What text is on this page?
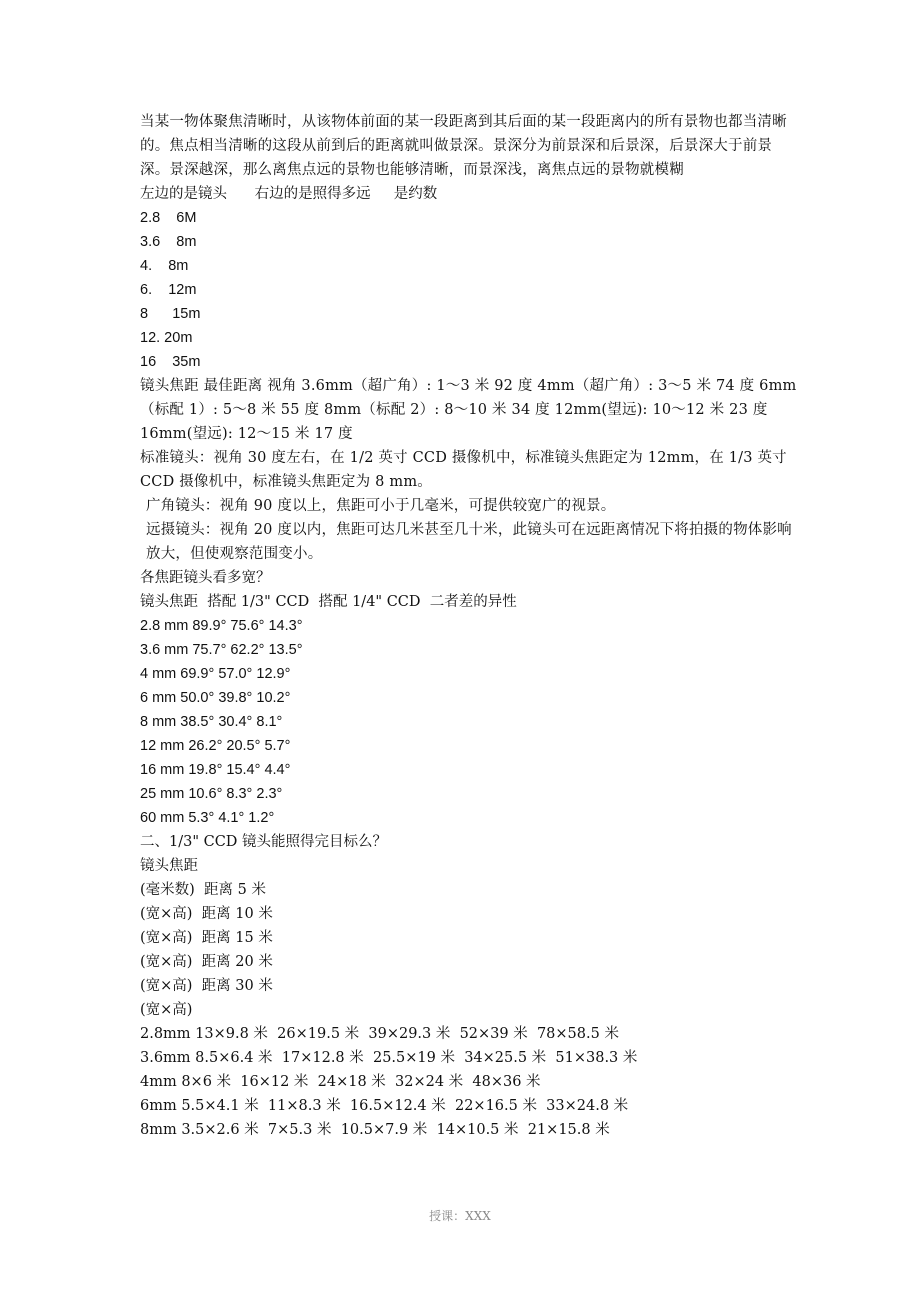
当某一物体聚焦清晰时，从该物体前面的某一段距离到其后面的某一段距离内的所有景物也都当清晰的。焦点相当清晰的这段从前到后的距离就叫做景深。景深分为前景深和后景深，后景深大于前景深。景深越深，那么离焦点远的景物也能够清晰，而景深浅，离焦点远的景物就模糊

左边的是镜头      右边的是照得多远     是约数

2.8    6M

3.6    8m

4.    8m

6.    12m

8      15m

12. 20m

16    35m

镜头焦距 最佳距离 视角 3.6mm（超广角）: 1～3 米 92 度 4mm（超广角）: 3～5 米 74 度 6mm（标配 1）: 5～8 米 55 度 8mm（标配 2）: 8～10 米 34 度 12mm(望远): 10～12 米 23 度 16mm(望远): 12～15 米 17 度

标准镜头：视角 30 度左右，在 1/2 英寸 CCD 摄像机中，标准镜头焦距定为 12mm，在 1/3 英寸 CCD 摄像机中，标准镜头焦距定为 8 mm。

广角镜头：视角 90 度以上，焦距可小于几毫米，可提供较宽广的视景。

远摄镜头：视角 20 度以内，焦距可达几米甚至几十米，此镜头可在远距离情况下将拍摄的物体影响放大，但使观察范围变小。

各焦距镜头看多宽？

镜头焦距  搭配 1/3" CCD  搭配 1/4" CCD  二者差的异性

2.8 mm 89.9° 75.6° 14.3°

3.6 mm 75.7° 62.2° 13.5°

4 mm 69.9° 57.0° 12.9°

6 mm 50.0° 39.8° 10.2°

8 mm 38.5° 30.4° 8.1°

12 mm 26.2° 20.5° 5.7°

16 mm 19.8° 15.4° 4.4°

25 mm 10.6° 8.3° 2.3°

60 mm 5.3° 4.1° 1.2°

二、1/3" CCD 镜头能照得完目标么？

镜头焦距

(毫米数)  距离 5 米

(宽×高)  距离 10 米

(宽×高)  距离 15 米

(宽×高)  距离 20 米

(宽×高)  距离 30 米

(宽×高)

2.8mm 13×9.8 米  26×19.5 米  39×29.3 米  52×39 米  78×58.5 米

3.6mm 8.5×6.4 米  17×12.8 米  25.5×19 米  34×25.5 米  51×38.3 米

4mm 8×6 米  16×12 米  24×18 米  32×24 米  48×36 米

6mm 5.5×4.1 米  11×8.3 米  16.5×12.4 米  22×16.5 米  33×24.8 米

8mm 3.5×2.6 米  7×5.3 米  10.5×7.9 米  14×10.5 米  21×15.8 米

授课：XXX
